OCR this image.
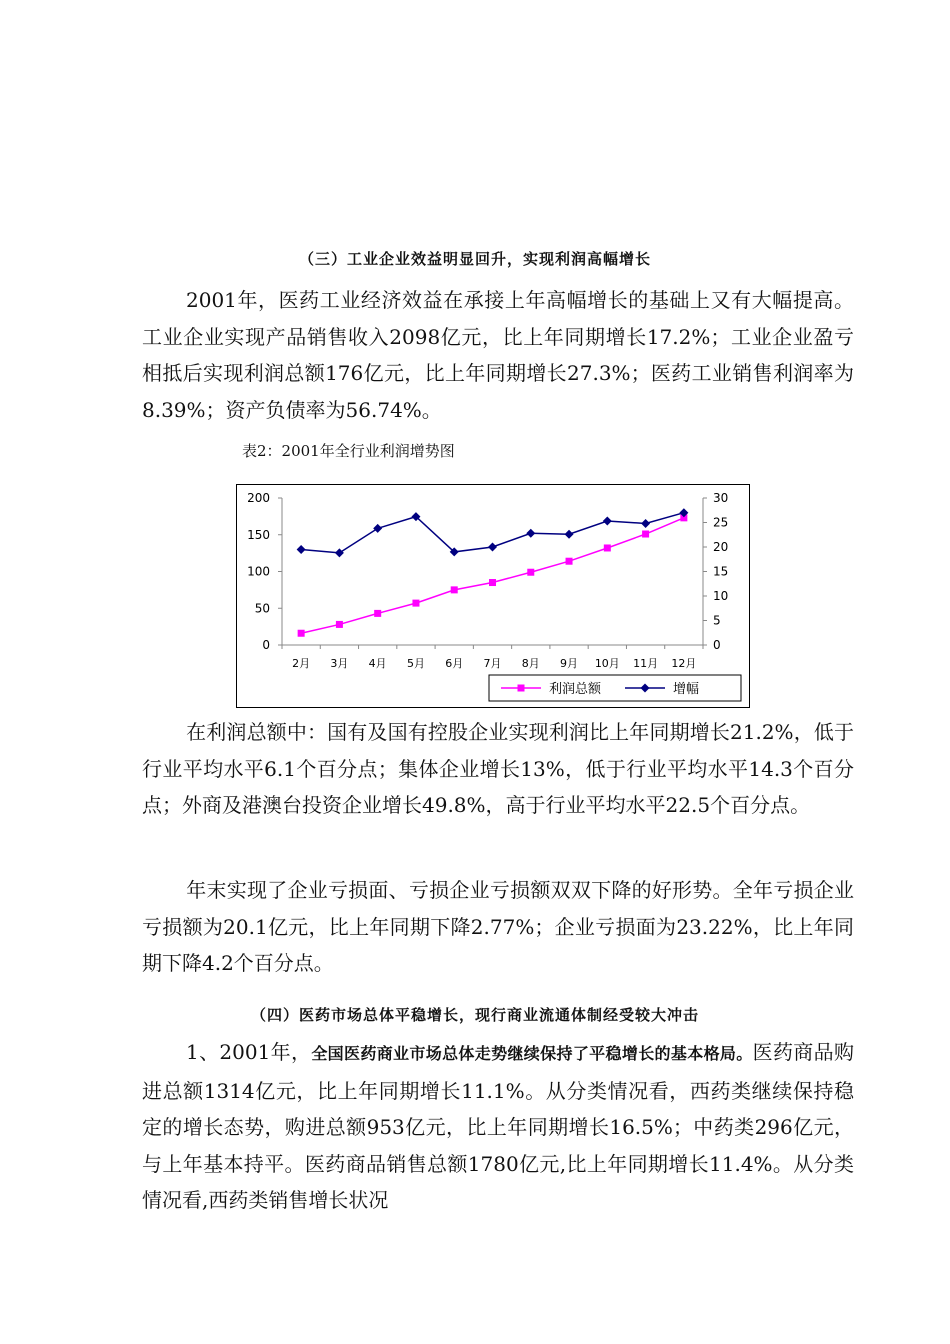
（三）工业企业效益明显回升，实现利润高幅增长

2001年，医药工业经济效益在承接上年高幅增长的基础上又有大幅提高。工业企业实现产品销售收入2098亿元，比上年同期增长17.2%；工业企业盈亏相抵后实现利润总额176亿元，比上年同期增长27.3%；医药工业销售利润率为8.39%；资产负债率为56.74%。

表2：2001年全行业利润增势图
0
50
100
150
200
0
5
10
15
20
25
30
2月 3月 4月 5月 6月 7月 8月 9月 10月 11月 12月
利润总额	增幅

在利润总额中：国有及国有控股企业实现利润比上年同期增长21.2%，低于行业平均水平6.1个百分点；集体企业增长13%，低于行业平均水平14.3个百分点；外商及港澳台投资企业增长49.8%，高于行业平均水平22.5个百分点。

年末实现了企业亏损面、亏损企业亏损额双双下降的好形势。全年亏损企业亏损额为20.1亿元，比上年同期下降2.77%；企业亏损面为23.22%，比上年同期下降4.2个百分点。

（四）医药市场总体平稳增长，现行商业流通体制经受较大冲击

1、2001年，全国医药商业市场总体走势继续保持了平稳增长的基本格局。医药商品购进总额1314亿元，比上年同期增长11.1%。从分类情况看，西药类继续保持稳定的增长态势，购进总额953亿元，比上年同期增长16.5%；中药类296亿元，与上年基本持平。医药商品销售总额1780亿元,比上年同期增长11.4%。从分类情况看,西药类销售增长状况
